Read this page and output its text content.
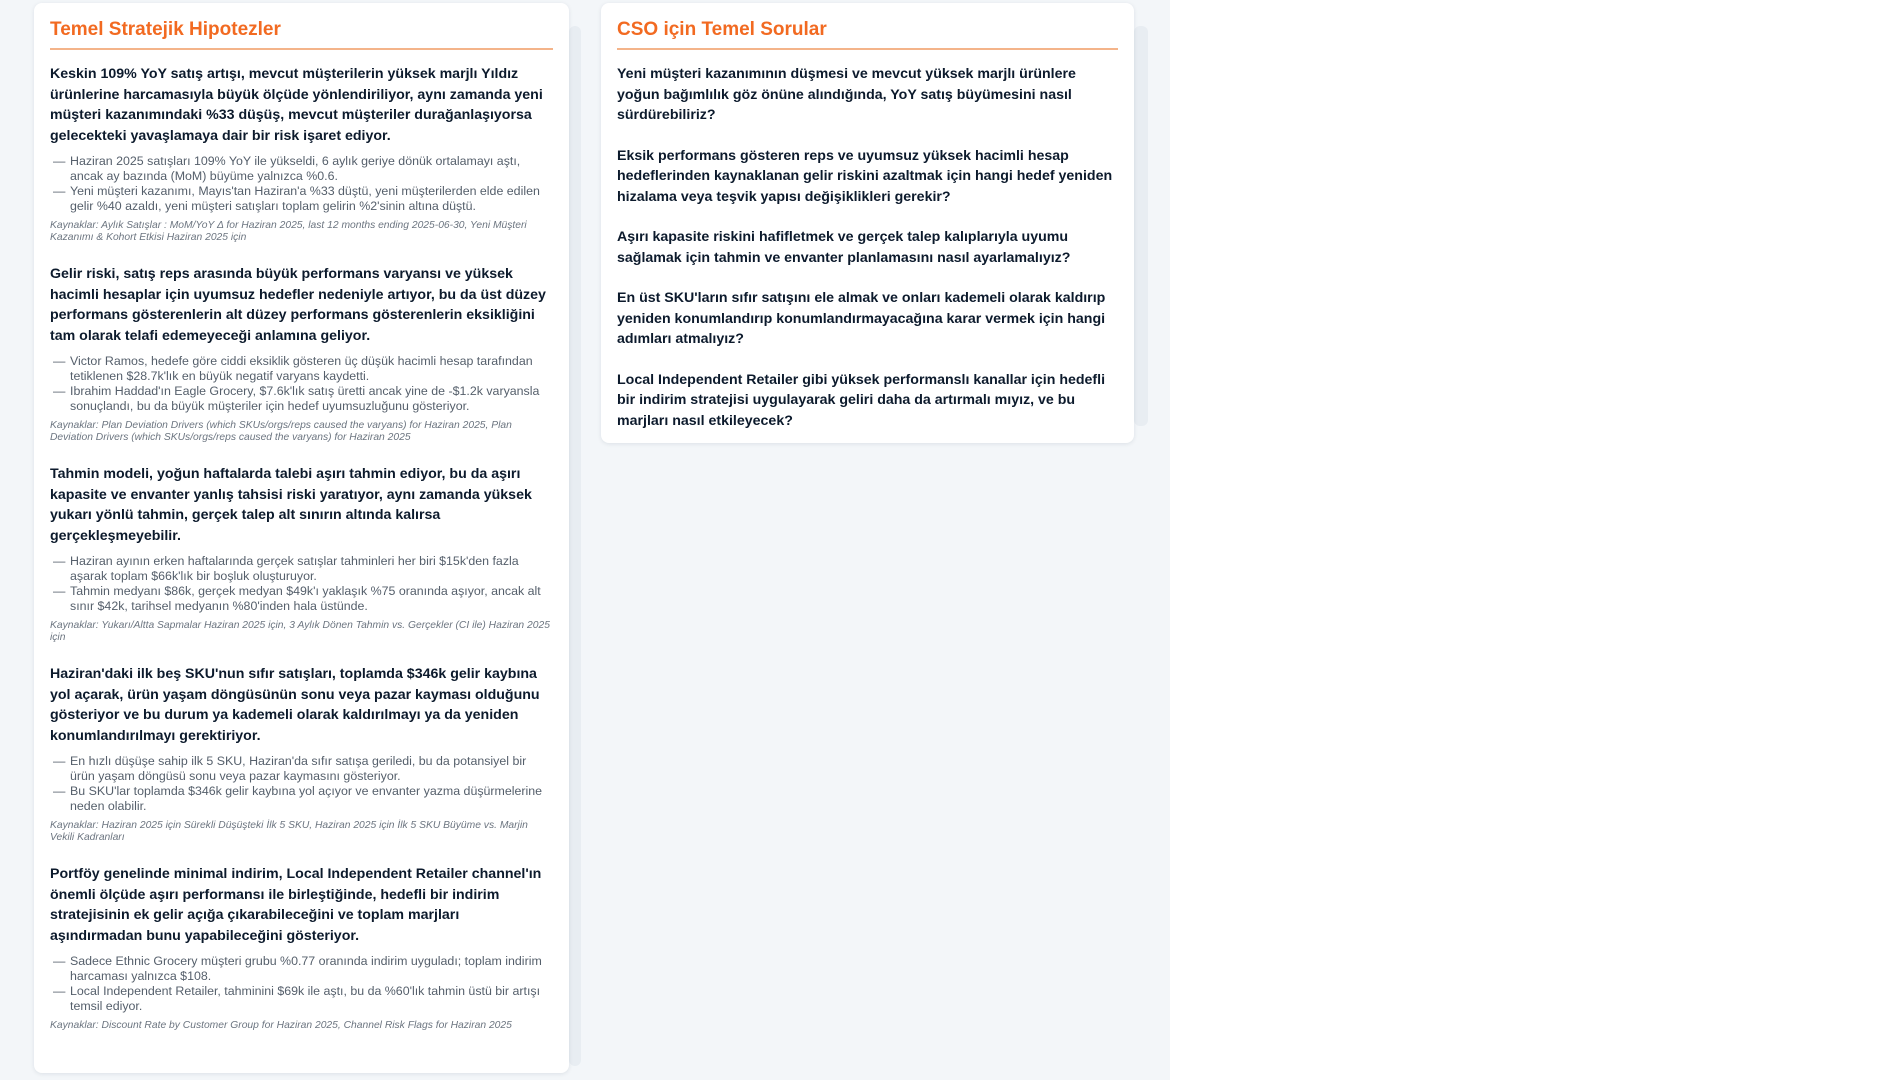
Temel Stratejik Hipotezler

Keskin 109% YoY satış artışı, mevcut müşterilerin yüksek marjlı Yıldız ürünlerine harcamasıyla büyük ölçüde yönlendiriliyor, aynı zamanda yeni müşteri kazanımındaki %33 düşüş, mevcut müşteriler durağanlaşıyorsa gelecekteki yavaşlamaya dair bir risk işaret ediyor.

— Haziran 2025 satışları 109% YoY ile yükseldi, 6 aylık geriye dönük ortalamayı aştı, ancak ay bazında (MoM) büyüme yalnızca %0.6.
— Yeni müşteri kazanımı, Mayıs'tan Haziran'a %33 düştü, yeni müşterilerden elde edilen gelir %40 azaldı, yeni müşteri satışları toplam gelirin %2'sinin altına düştü.

Kaynaklar: Aylık Satışlar : MoM/YoY Δ for Haziran 2025, last 12 months ending 2025-06-30, Yeni Müşteri Kazanımı & Kohort Etkisi Haziran 2025 için

Gelir riski, satış reps arasında büyük performans varyansı ve yüksek hacimli hesaplar için uyumsuz hedefler nedeniyle artıyor, bu da üst düzey performans gösterenlerin alt düzey performans gösterenlerin eksikliğini tam olarak telafi edemeyeceği anlamına geliyor.

— Victor Ramos, hedefe göre ciddi eksiklik gösteren üç düşük hacimli hesap tarafından tetiklenen $28.7k'lık en büyük negatif varyans kaydetti.
— Ibrahim Haddad'ın Eagle Grocery, $7.6k'lık satış üretti ancak yine de -$1.2k varyansla sonuçlandı, bu da büyük müşteriler için hedef uyumsuzluğunu gösteriyor.

Kaynaklar: Plan Deviation Drivers (which SKUs/orgs/reps caused the varyans) for Haziran 2025, Plan Deviation Drivers (which SKUs/orgs/reps caused the varyans) for Haziran 2025

Tahmin modeli, yoğun haftalarda talebi aşırı tahmin ediyor, bu da aşırı kapasite ve envanter yanlış tahsisi riski yaratıyor, aynı zamanda yüksek yukarı yönlü tahmin, gerçek talep alt sınırın altında kalırsa gerçekleşmeyebilir.

— Haziran ayının erken haftalarında gerçek satışlar tahminleri her biri $15k'den fazla aşarak toplam $66k'lık bir boşluk oluşturuyor.
— Tahmin medyanı $86k, gerçek medyan $49k'ı yaklaşık %75 oranında aşıyor, ancak alt sınır $42k, tarihsel medyanın %80'inden hala üstünde.

Kaynaklar: Yukarı/Altta Sapmalar Haziran 2025 için, 3 Aylık Dönen Tahmin vs. Gerçekler (CI ile) Haziran 2025 için

Haziran'daki ilk beş SKU'nun sıfır satışları, toplamda $346k gelir kaybına yol açarak, ürün yaşam döngüsünün sonu veya pazar kayması olduğunu gösteriyor ve bu durum ya kademeli olarak kaldırılmayı ya da yeniden konumlandırılmayı gerektiriyor.

— En hızlı düşüşe sahip ilk 5 SKU, Haziran'da sıfır satışa geriledi, bu da potansiyel bir ürün yaşam döngüsü sonu veya pazar kaymasını gösteriyor.
— Bu SKU'lar toplamda $346k gelir kaybına yol açıyor ve envanter yazma düşürmelerine neden olabilir.

Kaynaklar: Haziran 2025 için Sürekli Düşüşteki İlk 5 SKU, Haziran 2025 için İlk 5 SKU Büyüme vs. Marjin Vekili Kadranları

Portföy genelinde minimal indirim, Local Independent Retailer channel'ın önemli ölçüde aşırı performansı ile birleştiğinde, hedefli bir indirim stratejisinin ek gelir açığa çıkarabileceğini ve toplam marjları aşındırmadan bunu yapabileceğini gösteriyor.

— Sadece Ethnic Grocery müşteri grubu %0.77 oranında indirim uyguladı; toplam indirim harcaması yalnızca $108.
— Local Independent Retailer, tahminini $69k ile aştı, bu da %60'lık tahmin üstü bir artışı temsil ediyor.

Kaynaklar: Discount Rate by Customer Group for Haziran 2025, Channel Risk Flags for Haziran 2025

CSO için Temel Sorular

Yeni müşteri kazanımının düşmesi ve mevcut yüksek marjlı ürünlere yoğun bağımlılık göz önüne alındığında, YoY satış büyümesini nasıl sürdürebiliriz?

Eksik performans gösteren reps ve uyumsuz yüksek hacimli hesap hedeflerinden kaynaklanan gelir riskini azaltmak için hangi hedef yeniden hizalama veya teşvik yapısı değişiklikleri gerekir?

Aşırı kapasite riskini hafifletmek ve gerçek talep kalıplarıyla uyumu sağlamak için tahmin ve envanter planlamasını nasıl ayarlamalıyız?

En üst SKU'ların sıfır satışını ele almak ve onları kademeli olarak kaldırıp yeniden konumlandırıp konumlandırmayacağına karar vermek için hangi adımları atmalıyız?

Local Independent Retailer gibi yüksek performanslı kanallar için hedefli bir indirim stratejisi uygulayarak geliri daha da artırmalı mıyız, ve bu marjları nasıl etkileyecek?
